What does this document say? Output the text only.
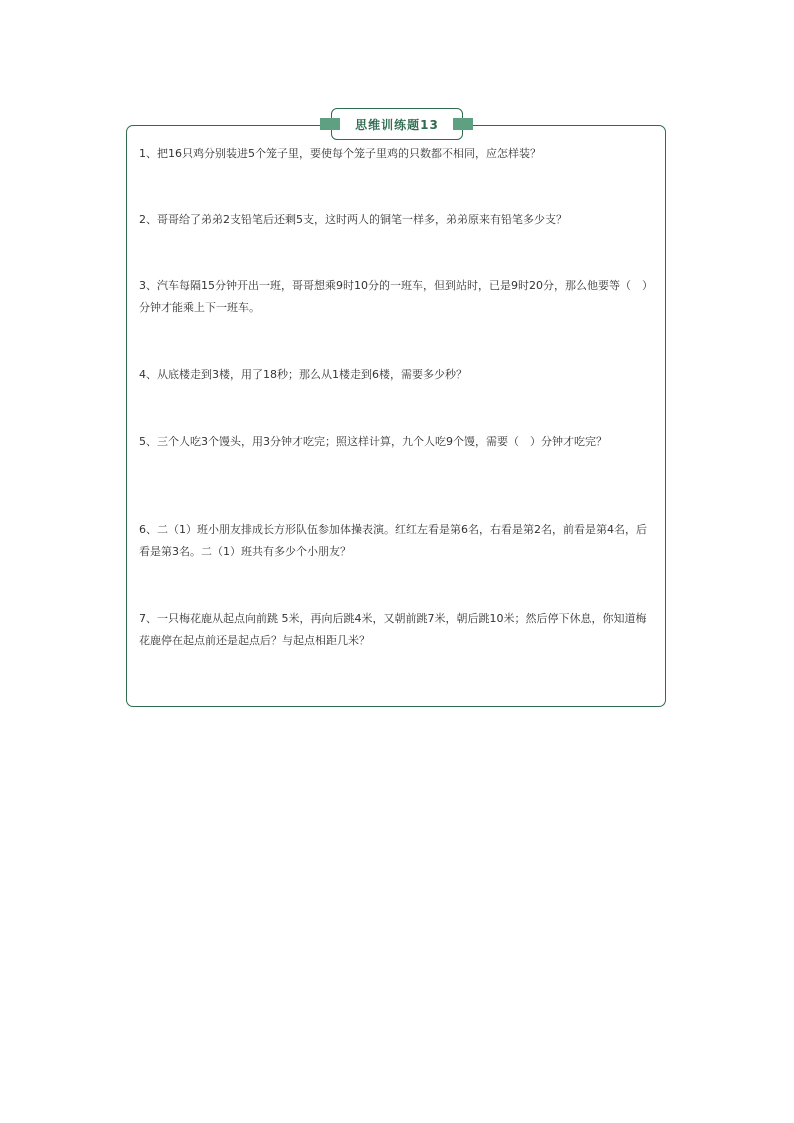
思维训练题13
1、把16只鸡分别装进5个笼子里，要使每个笼子里鸡的只数都不相同，应怎样装？
2、哥哥给了弟弟2支铅笔后还剩5支，这时两人的铜笔一样多，弟弟原来有铅笔多少支？
3、汽车每隔15分钟开出一班，哥哥想乘9时10分的一班车，但到站时，已是9时20分，那么他要等（　）分钟才能乘上下一班车。
4、从底楼走到3楼，用了18秒；那么从1楼走到6楼，需要多少秒？
5、三个人吃3个馒头，用3分钟才吃完；照这样计算，九个人吃9个馒，需要（　）分钟才吃完？
6、二（1）班小朋友排成长方形队伍参加体操表演。红红左看是第6名，右看是第2名，前看是第4名，后看是第3名。二（1）班共有多少个小朋友？
7、一只梅花鹿从起点向前跳 5米，再向后跳4米，又朝前跳7米，朝后跳10米；然后停下休息，你知道梅花鹿停在起点前还是起点后？与起点相距几米？
